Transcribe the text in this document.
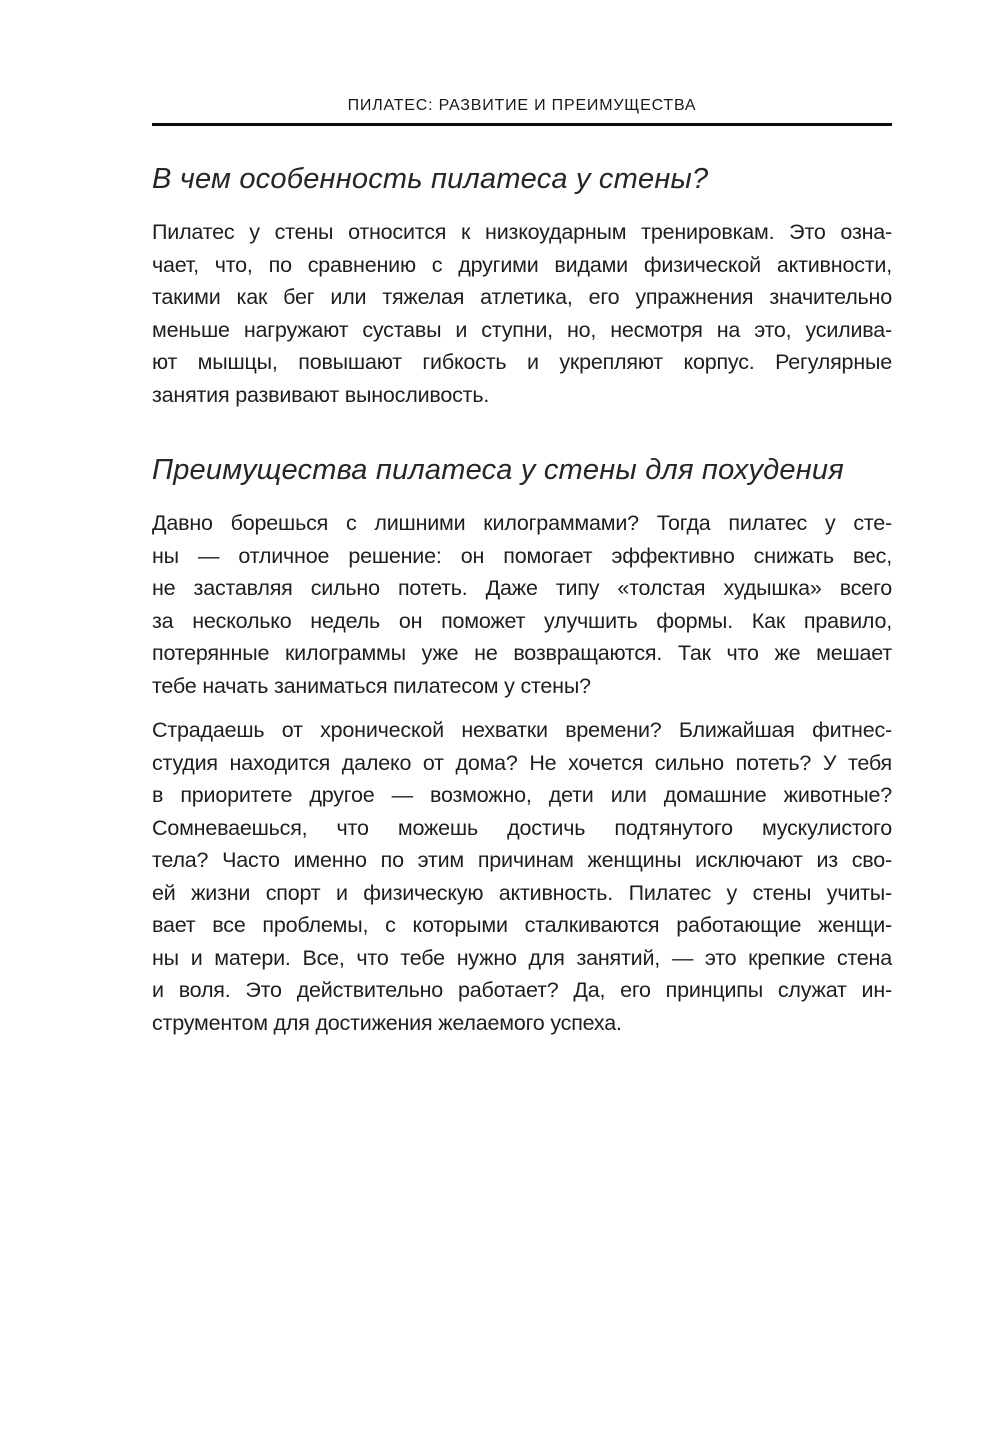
ПИЛАТЕС: РАЗВИТИЕ И ПРЕИМУЩЕСТВА
В чем особенность пилатеса у стены?
Пилатес у стены относится к низкоударным тренировкам. Это озна-
чает, что, по сравнению с другими видами физической активности,
такими как бег или тяжелая атлетика, его упражнения значительно
меньше нагружают суставы и ступни, но, несмотря на это, усилива-
ют мышцы, повышают гибкость и укрепляют корпус. Регулярные
занятия развивают выносливость.
Преимущества пилатеса у стены для похудения
Давно борешься с лишними килограммами? Тогда пилатес у сте-
ны — отличное решение: он помогает эффективно снижать вес,
не заставляя сильно потеть. Даже типу «толстая худышка» всего
за несколько недель он поможет улучшить формы. Как правило,
потерянные килограммы уже не возвращаются. Так что же мешает
тебе начать заниматься пилатесом у стены?
Страдаешь от хронической нехватки времени? Ближайшая фитнес-
студия находится далеко от дома? Не хочется сильно потеть? У тебя
в приоритете другое — возможно, дети или домашние животные?
Сомневаешься, что можешь достичь подтянутого мускулистого
тела? Часто именно по этим причинам женщины исключают из сво-
ей жизни спорт и физическую активность. Пилатес у стены учиты-
вает все проблемы, с которыми сталкиваются работающие женщи-
ны и матери. Все, что тебе нужно для занятий, — это крепкие стена
и воля. Это действительно работает? Да, его принципы служат ин-
струментом для достижения желаемого успеха.
